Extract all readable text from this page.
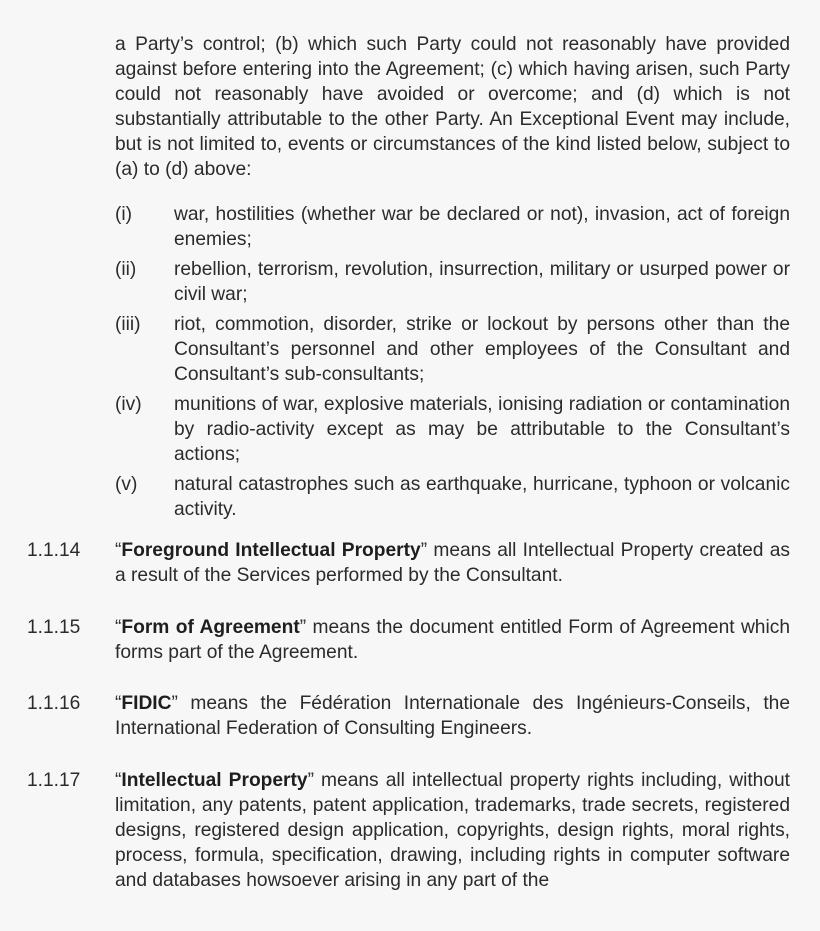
a Party’s control; (b) which such Party could not reasonably have provided against before entering into the Agreement; (c) which having arisen, such Party could not reasonably have avoided or overcome; and (d) which is not substantially attributable to the other Party. An Exceptional Event may include, but is not limited to, events or circumstances of the kind listed below, subject to (a) to (d) above:

(i)	war, hostilities (whether war be declared or not), invasion, act of foreign enemies;
(ii)	rebellion, terrorism, revolution, insurrection, military or usurped power or civil war;
(iii)	riot, commotion, disorder, strike or lockout by persons other than the Consultant’s personnel and other employees of the Consultant and Consultant’s sub-consultants;
(iv)	munitions of war, explosive materials, ionising radiation or contamination by radio-activity except as may be attributable to the Consultant’s actions;
(v)	natural catastrophes such as earthquake, hurricane, typhoon or volcanic activity.
1.1.14	“Foreground Intellectual Property” means all Intellectual Property created as a result of the Services performed by the Consultant.
1.1.15	“Form of Agreement” means the document entitled Form of Agreement which forms part of the Agreement.
1.1.16	“FIDIC” means the Fédération Internationale des Ingénieurs-Conseils, the International Federation of Consulting Engineers.
1.1.17	“Intellectual Property” means all intellectual property rights including, without limitation, any patents, patent application, trademarks, trade secrets, registered designs, registered design application, copyrights, design rights, moral rights, process, formula, specification, drawing, including rights in computer software and databases howsoever arising in any part of the
